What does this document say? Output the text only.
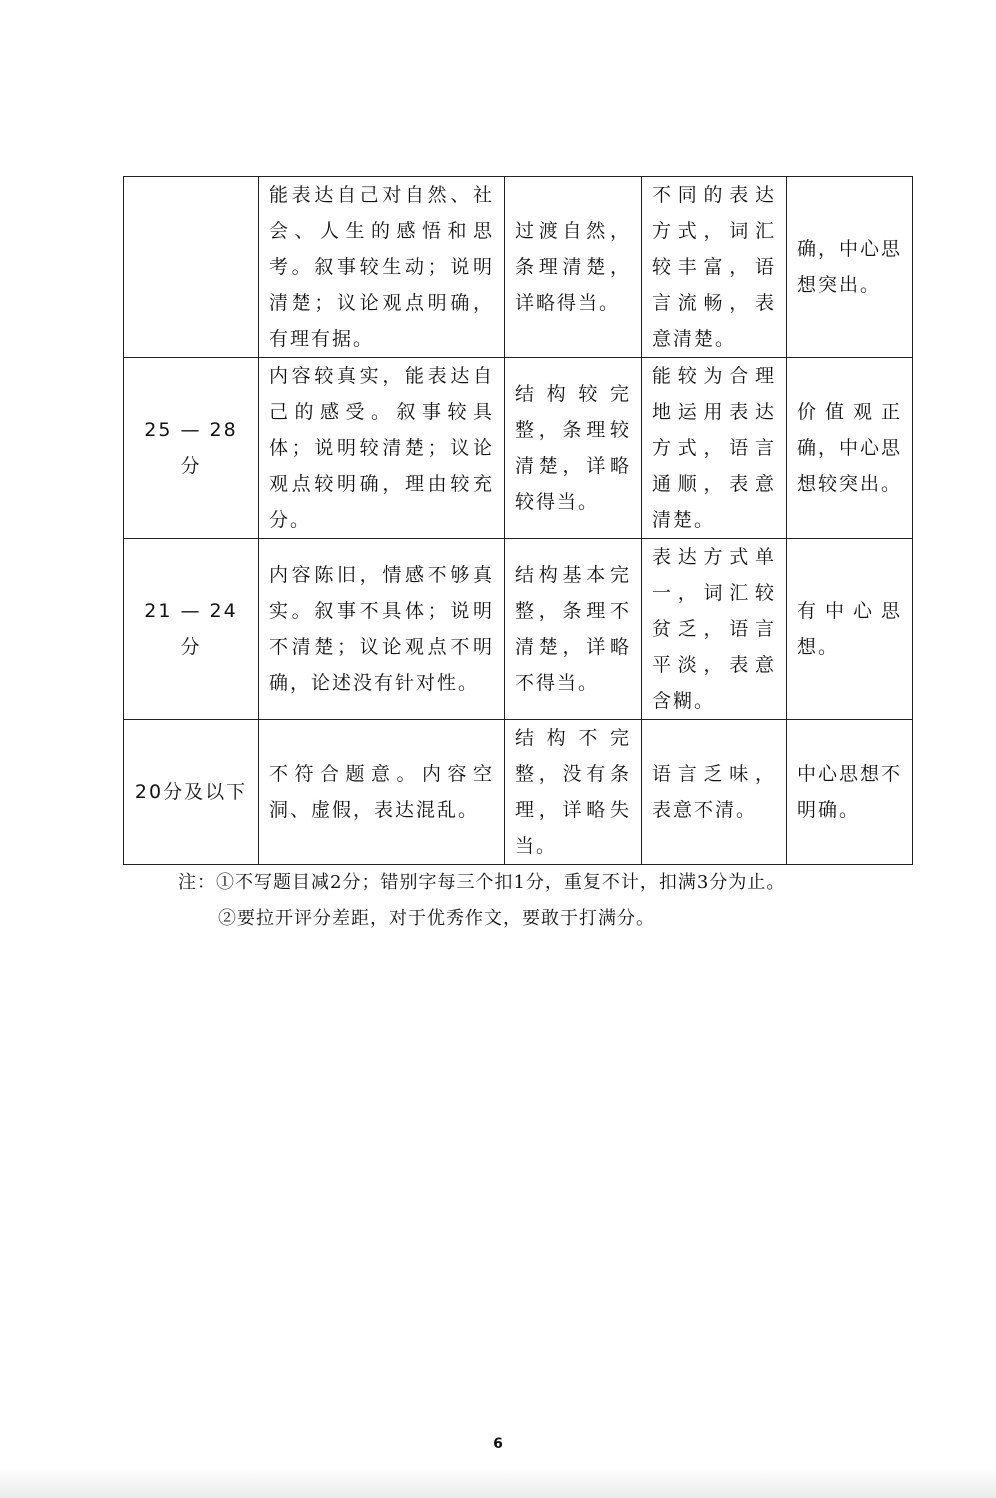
	能表达自己对自然、社会、人生的感悟和思考。叙事较生动；说明清楚；议论观点明确，有理有据。	过渡自然，条理清楚，详略得当。	不同的表达方式，词汇较丰富，语言流畅，表意清楚。	确，中心思想突出。
25 — 28分	内容较真实，能表达自己的感受。叙事较具体；说明较清楚；议论观点较明确，理由较充分。	结构较完整，条理较清楚，详略较得当。	能较为合理地运用表达方式，语言通顺，表意清楚。	价值观正确，中心思想较突出。
21 — 24分	内容陈旧，情感不够真实。叙事不具体；说明不清楚；议论观点不明确，论述没有针对性。	结构基本完整，条理不清楚，详略不得当。	表达方式单一，词汇较贫乏，语言平淡，表意含糊。	有中心思想。
20分及以下	不符合题意。内容空洞、虚假，表达混乱。	结构不完整，没有条理，详略失当。	语言乏味，表意不清。	中心思想不明确。
注：①不写题目减2分；错别字每三个扣1分，重复不计，扣满3分为止。
②要拉开评分差距，对于优秀作文，要敢于打满分。
6
